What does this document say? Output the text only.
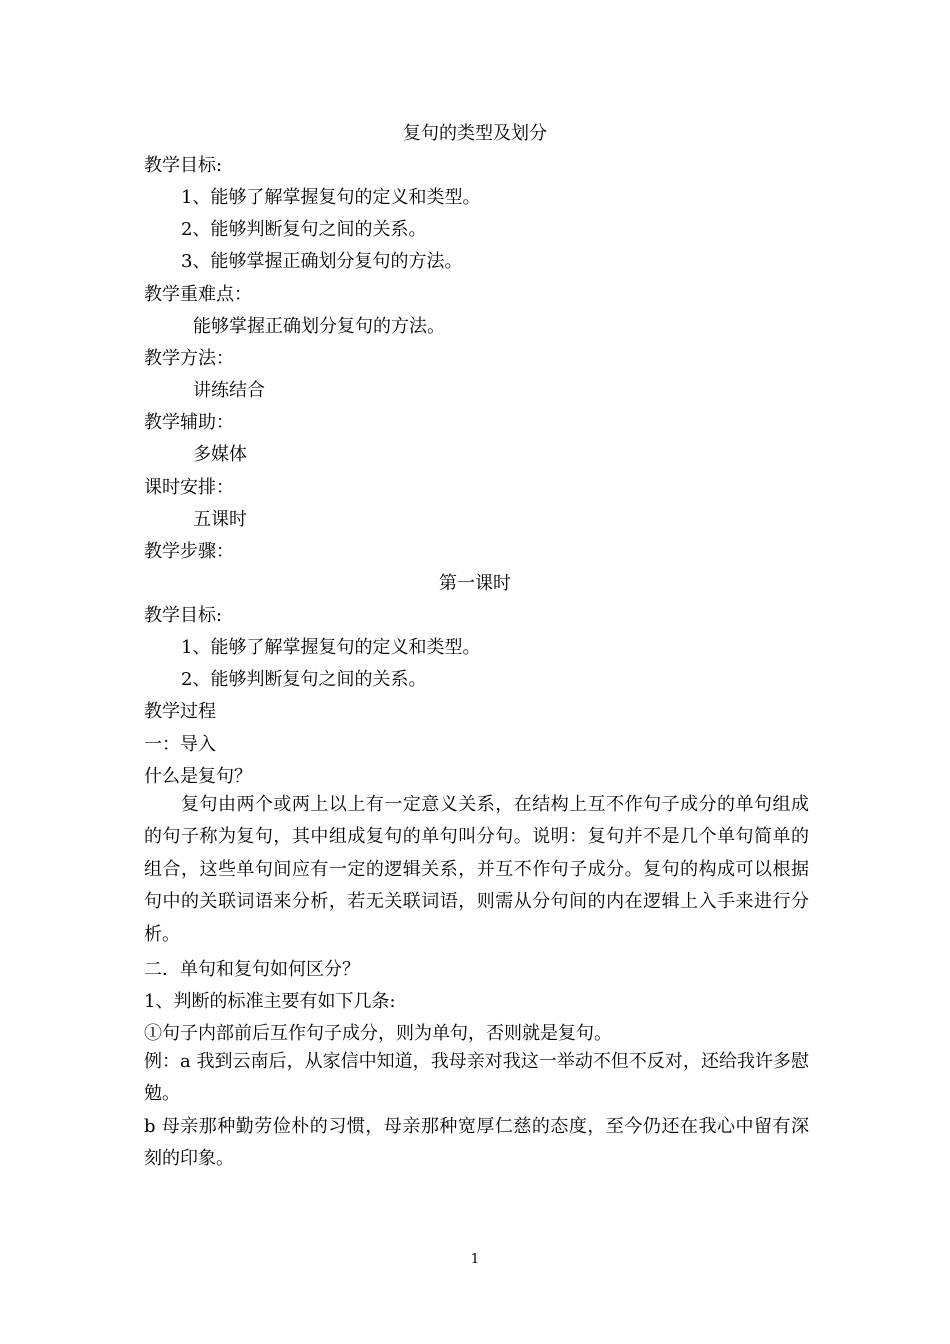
复句的类型及划分
教学目标:
1、能够了解掌握复句的定义和类型。
2、能够判断复句之间的关系。
3、能够掌握正确划分复句的方法。
教学重难点：
能够掌握正确划分复句的方法。
教学方法：
讲练结合
教学辅助：
多媒体
课时安排：
五课时
教学步骤：
第一课时
教学目标:
1、能够了解掌握复句的定义和类型。
2、能够判断复句之间的关系。
教学过程
一：导入
什么是复句？
复句由两个或两上以上有一定意义关系，在结构上互不作句子成分的单句组成的句子称为复句，其中组成复句的单句叫分句。说明：复句并不是几个单句简单的组合，这些单句间应有一定的逻辑关系，并互不作句子成分。复句的构成可以根据句中的关联词语来分析，若无关联词语，则需从分句间的内在逻辑上入手来进行分析。
二．单句和复句如何区分？
1、判断的标准主要有如下几条:
①句子内部前后互作句子成分，则为单句，否则就是复句。
例：a 我到云南后，从家信中知道，我母亲对我这一举动不但不反对，还给我许多慰勉。
b 母亲那种勤劳俭朴的习惯，母亲那种宽厚仁慈的态度，至今仍还在我心中留有深刻的印象。
1
